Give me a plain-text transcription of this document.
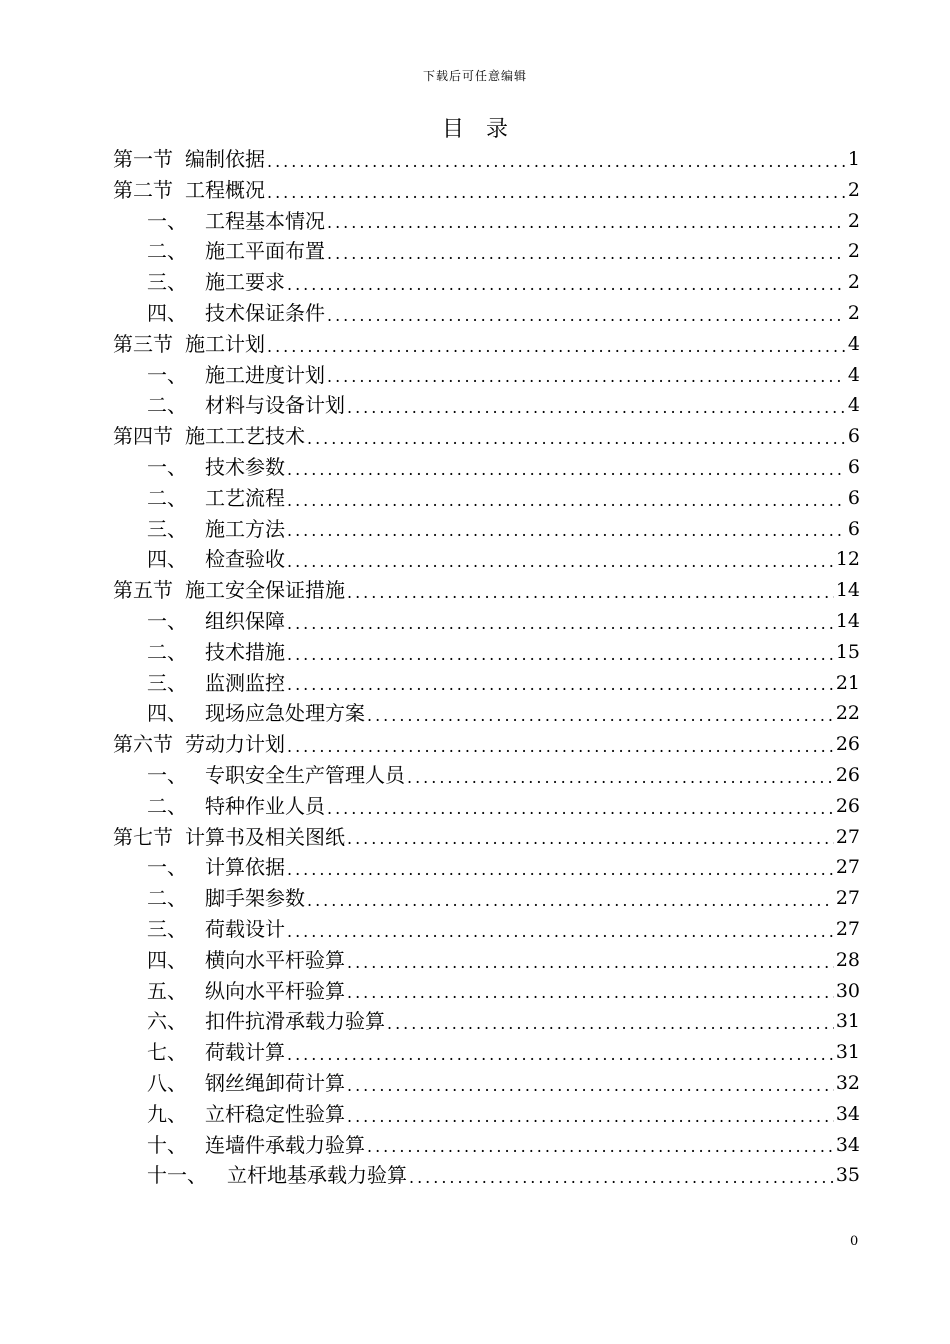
下载后可任意编辑
目　录
第一节 编制依据 .....	1
第二节 工程概况 .....	2
一、 工程基本情况 .....	2
二、 施工平面布置 .....	2
三、 施工要求 .....	2
四、 技术保证条件 .....	2
第三节 施工计划 .....	4
一、 施工进度计划 .....	4
二、 材料与设备计划 .....	4
第四节 施工工艺技术 .....	6
一、 技术参数 .....	6
二、 工艺流程 .....	6
三、 施工方法 .....	6
四、 检查验收 .....	12
第五节 施工安全保证措施 .....	14
一、 组织保障 .....	14
二、 技术措施 .....	15
三、 监测监控 .....	21
四、 现场应急处理方案 .....	22
第六节 劳动力计划 .....	26
一、 专职安全生产管理人员 .....	26
二、 特种作业人员 .....	26
第七节 计算书及相关图纸 .....	27
一、 计算依据 .....	27
二、 脚手架参数 .....	27
三、 荷载设计 .....	27
四、 横向水平杆验算 .....	28
五、 纵向水平杆验算 .....	30
六、 扣件抗滑承载力验算 .....	31
七、 荷载计算 .....	31
八、 钢丝绳卸荷计算 .....	32
九、 立杆稳定性验算 .....	34
十、 连墙件承载力验算 .....	34
十一、	立杆地基承载力验算 .....	35
0
